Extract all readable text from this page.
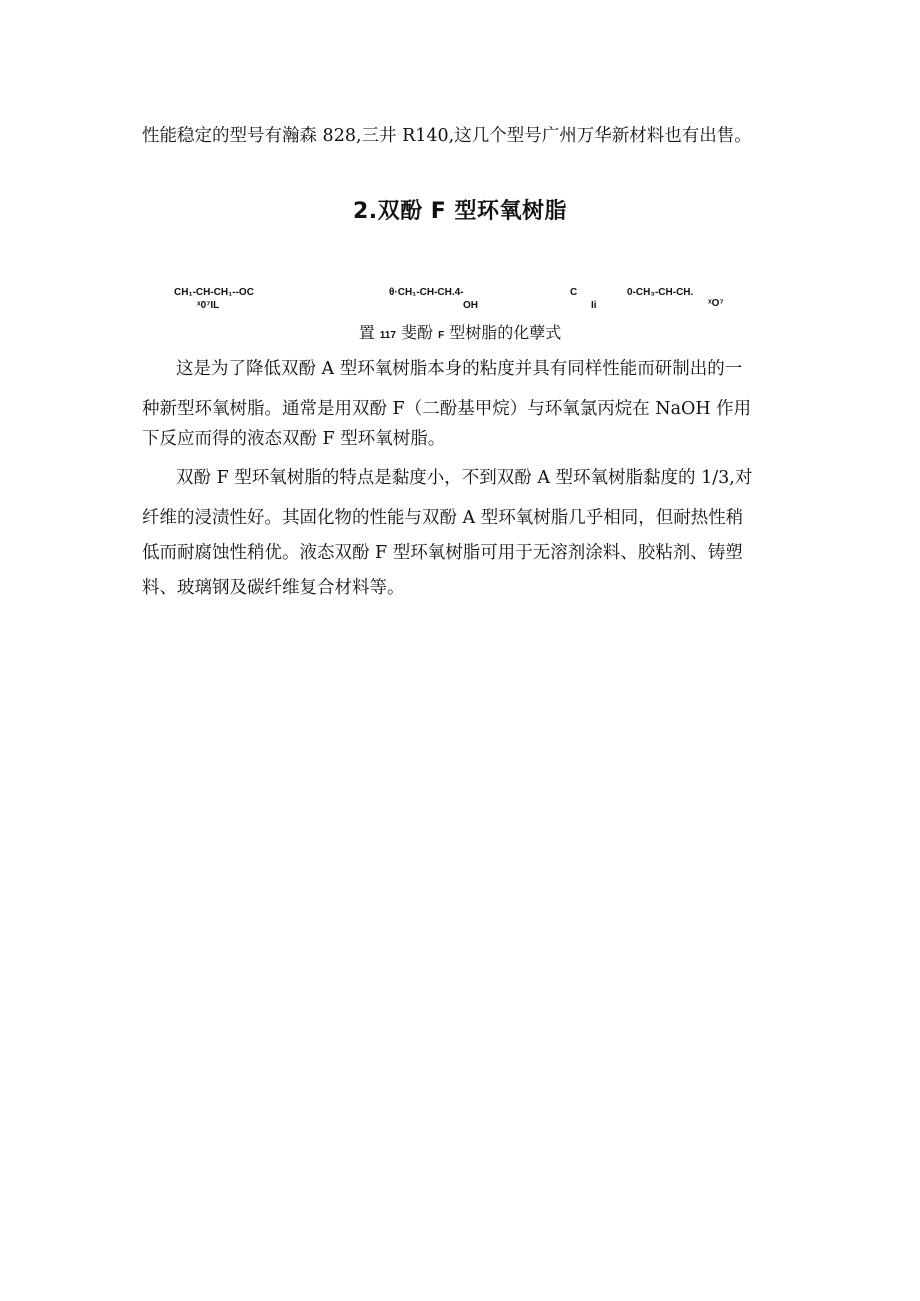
性能稳定的型号有瀚森 828,三井 R140,这几个型号广州万华新材料也有出售。
2.双酚 F 型环氧树脂
CH₁-CH-CH₁--OC
ˣ0⁷IL
θ·CH₁-CH-CH.4-
OH
C
Ii
0-CH₃-CH-CH.
ˣO⁷
置 117 斐酚 F 型树脂的化孽式
这是为了降低双酚 A 型环氧树脂本身的粘度并具有同样性能而研制出的一
种新型环氧树脂。通常是用双酚 F（二酚基甲烷）与环氧氯丙烷在 NaOH 作用
下反应而得的液态双酚 F 型环氧树脂。
双酚 F 型环氧树脂的特点是黏度小，不到双酚 A 型环氧树脂黏度的 1/3,对
纤维的浸渍性好。其固化物的性能与双酚 A 型环氧树脂几乎相同，但耐热性稍
低而耐腐蚀性稍优。液态双酚 F 型环氧树脂可用于无溶剂涂料、胶粘剂、铸塑
料、玻璃钢及碳纤维复合材料等。
